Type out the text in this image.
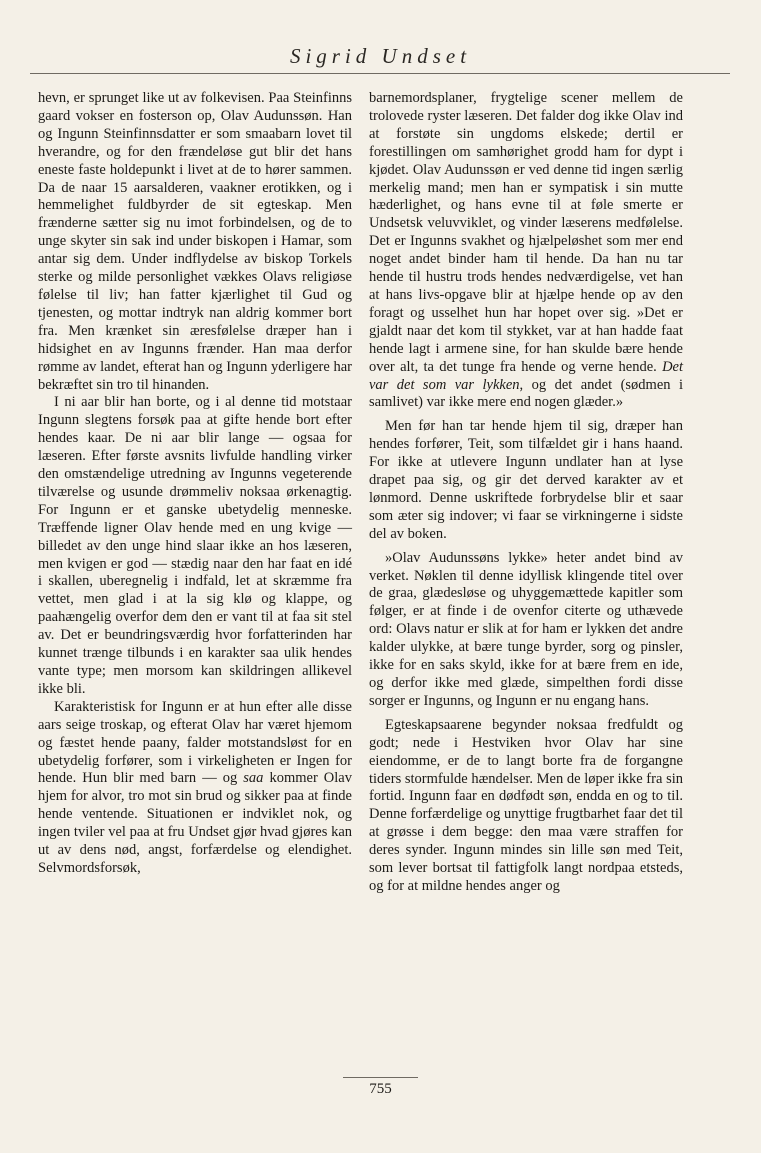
Sigrid Undset

hevn, er sprunget like ut av folkevisen. Paa Steinfinns gaard vokser en fosterson op, Olav Audunssøn. Han og Ingunn Steinfinnsdatter er som smaabarn lovet til hverandre, og for den frændeløse gut blir det hans eneste faste holdepunkt i livet at de to hører sammen. Da de naar 15 aarsalderen, vaakner erotikken, og i hemmelighet fuldbyrder de sit egteskap. Men frænderne sætter sig nu imot forbindelsen, og de to unge skyter sin sak ind under biskopen i Hamar, som antar sig dem. Under indflydelse av biskop Torkels sterke og milde personlighet vækkes Olavs religiøse følelse til liv; han fatter kjærlighet til Gud og tjenesten, og mottar indtryk nan aldrig kommer bort fra. Men krænket sin æresfølelse dræper han i hidsighet en av Ingunns frænder. Han maa derfor rømme av landet, efterat han og Ingunn yderligere har bekræftet sin tro til hinanden.

I ni aar blir han borte, og i al denne tid motstaar Ingunn slegtens forsøk paa at gifte hende bort efter hendes kaar. De ni aar blir lange — ogsaa for læseren. Efter første avsnits livfulde handling virker den omstændelige utredning av Ingunns vegeterende tilværelse og usunde drømmeliv noksaa ørkenagtig. For Ingunn er et ganske ubetydelig menneske. Træffende ligner Olav hende med en ung kvige — billedet av den unge hind slaar ikke an hos læseren, men kvigen er god — stædig naar den har faat en idé i skallen, uberegnelig i indfald, let at skræmme fra vettet, men glad i at la sig klø og klappe, og paahængelig overfor dem den er vant til at faa sit stel av. Det er beundringsværdig hvor forfatterinden har kunnet trænge tilbunds i en karakter saa ulik hendes vante type; men morsom kan skildringen allikevel ikke bli.

Karakteristisk for Ingunn er at hun efter alle disse aars seige troskap, og efterat Olav har været hjemom og fæstet hende paany, falder motstandsløst for en ubetydelig forfører, som i virkeligheten er Ingen for hende. Hun blir med barn — og saa kommer Olav hjem for alvor, tro mot sin brud og sikker paa at finde hende ventende. Situationen er indviklet nok, og ingen tviler vel paa at fru Undset gjør hvad gjøres kan ut av dens nød, angst, forfærdelse og elendighet. Selvmordsforsøk,

barnemordsplaner, frygtelige scener mellem de trolovede ryster læseren. Det falder dog ikke Olav ind at forstøte sin ungdoms elskede; dertil er forestillingen om samhørighet grodd ham for dypt i kjødet. Olav Audunssøn er ved denne tid ingen særlig merkelig mand; men han er sympatisk i sin mutte hæderlighet, og hans evne til at føle smerte er Undsetsk veluvviklet, og vinder læserens medfølelse. Det er Ingunns svakhet og hjælpeløshet som mer end noget andet binder ham til hende. Da han nu tar hende til hustru trods hendes nedværdigelse, vet han at hans livs-opgave blir at hjælpe hende op av den foragt og usselhet hun har hopet over sig. »Det er gjaldt naar det kom til stykket, var at han hadde faat hende lagt i armene sine, for han skulde bære hende over alt, ta det tunge fra hende og verne hende. Det var det som var lykken, og det andet (sødmen i samlivet) var ikke mere end nogen glæder.»

Men før han tar hende hjem til sig, dræper han hendes forfører, Teit, som tilfældet gir i hans haand. For ikke at utlevere Ingunn undlater han at lyse drapet paa sig, og gir det derved karakter av et lønmord. Denne uskriftede forbrydelse blir et saar som æter sig indover; vi faar se virkningerne i sidste del av boken.

»Olav Audunssøns lykke» heter andet bind av verket. Nøklen til denne idyllisk klingende titel over de graa, glædesløse og uhyggemættede kapitler som følger, er at finde i de ovenfor citerte og uthævede ord: Olavs natur er slik at for ham er lykken det andre kalder ulykke, at bære tunge byrder, sorg og pinsler, ikke for en saks skyld, ikke for at bære frem en ide, og derfor ikke med glæde, simpelthen fordi disse sorger er Ingunns, og Ingunn er nu engang hans.

Egteskapsaarene begynder noksaa fredfuldt og godt; nede i Hestviken hvor Olav har sine eiendomme, er de to langt borte fra de forgangne tiders stormfulde hændelser. Men de løper ikke fra sin fortid. Ingunn faar en dødfødt søn, endda en og to til. Denne forfærdelige og unyttige frugtbarhet faar det til at grøsse i dem begge: den maa være straffen for deres synder. Ingunn mindes sin lille søn med Teit, som lever bortsat til fattigfolk langt nordpaa etsteds, og for at mildne hendes anger og

755
